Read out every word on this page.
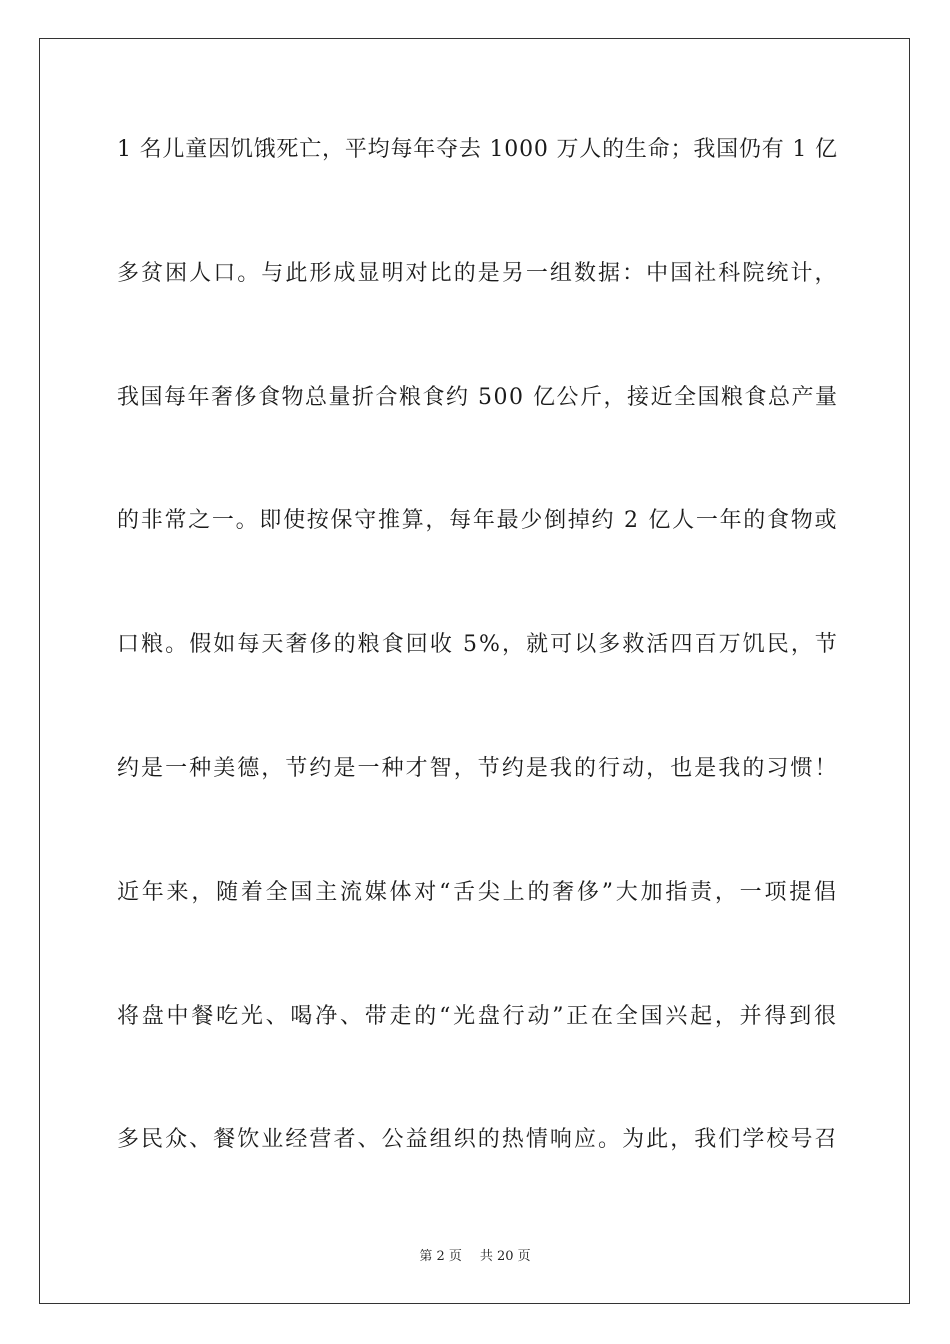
1 名儿童因饥饿死亡，平均每年夺去 1000 万人的生命；我国仍有 1 亿
多贫困人口。与此形成显明对比的是另一组数据：中国社科院统计，
我国每年奢侈食物总量折合粮食约 500 亿公斤，接近全国粮食总产量
的非常之一。即使按保守推算，每年最少倒掉约 2 亿人一年的食物或
口粮。假如每天奢侈的粮食回收 5%，就可以多救活四百万饥民，节
约是一种美德，节约是一种才智，节约是我的行动，也是我的习惯！
近年来，随着全国主流媒体对“舌尖上的奢侈”大加指责，一项提倡
将盘中餐吃光、喝净、带走的“光盘行动”正在全国兴起，并得到很
多民众、餐饮业经营者、公益组织的热情响应。为此，我们学校号召
第 2 页 共 20 页
